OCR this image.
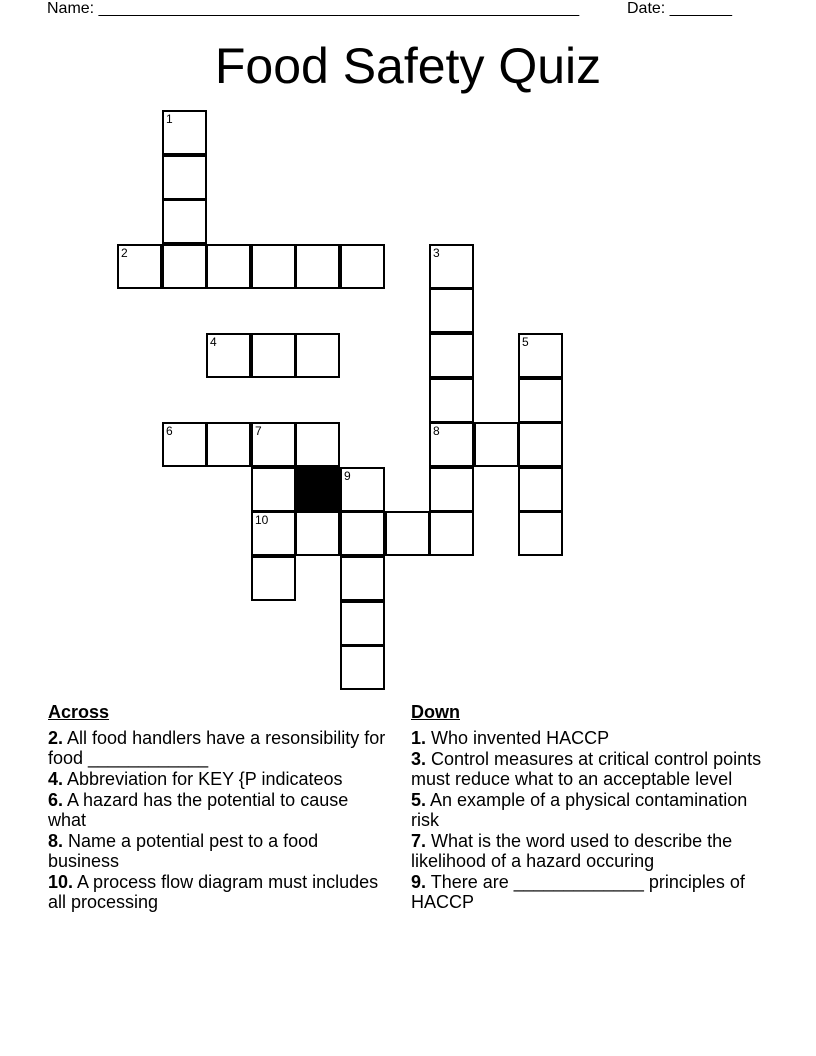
Name: ______________________________________________________	Date: _______
Food Safety Quiz
1
2	3
8
4	5
6	7
9
10
Across
2. All food handlers have a resonsibility for food ____________
4. Abbreviation for KEY {P indicateos
6. A hazard has the potential to cause what
8. Name a potential pest to a food business
10. A process flow diagram must includes all processing
Down
1. Who invented HACCP
3. Control measures at critical control points must reduce what to an acceptable level
5. An example of a physical contamination risk
7. What is the word used to describe the likelihood of a hazard occuring
9. There are _____________ principles of HACCP
